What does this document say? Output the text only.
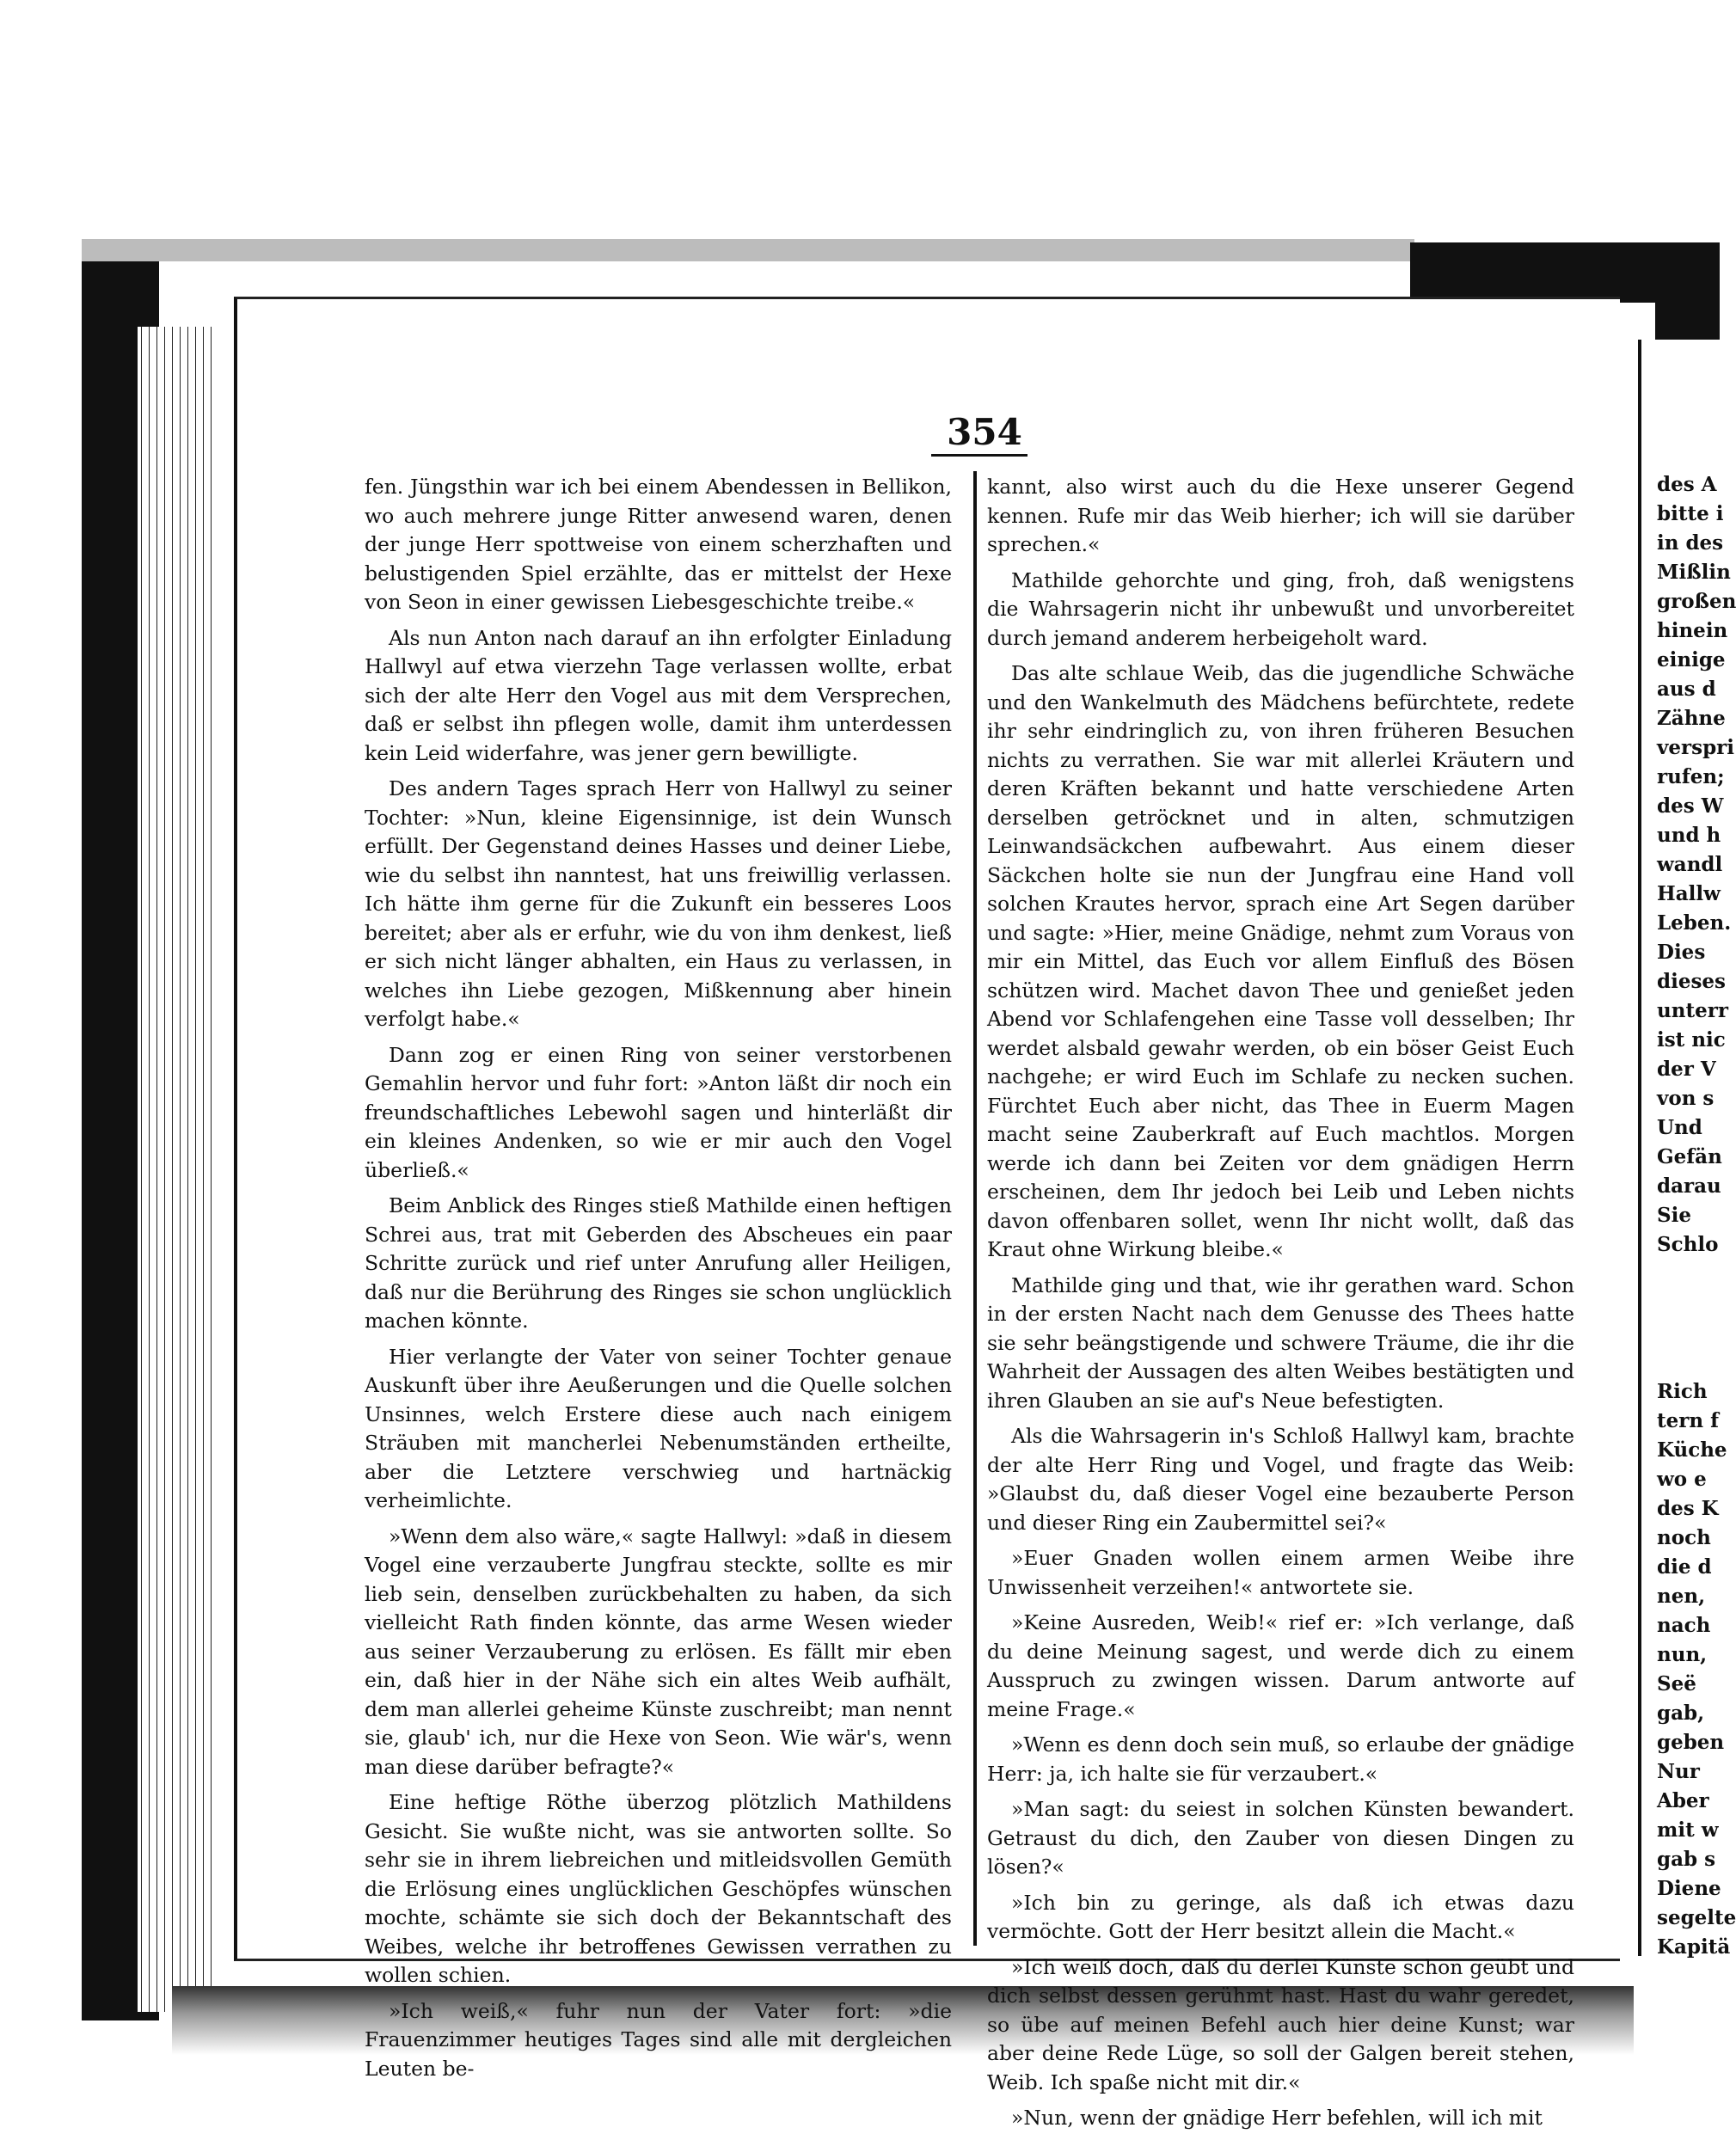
354

fen. Jüngsthin war ich bei einem Abendessen in Bellikon, wo auch mehrere junge Ritter anwesend waren, denen der junge Herr spottweise von einem scherzhaften und belustigenden Spiel erzählte, das er mittelst der Hexe von Seon in einer gewissen Liebesgeschichte treibe.«

Als nun Anton nach darauf an ihn erfolgter Einladung Hallwyl auf etwa vierzehn Tage verlassen wollte, erbat sich der alte Herr den Vogel aus mit dem Versprechen, daß er selbst ihn pflegen wolle, damit ihm unterdessen kein Leid widerfahre, was jener gern bewilligte.

Des andern Tages sprach Herr von Hallwyl zu seiner Tochter: »Nun, kleine Eigensinnige, ist dein Wunsch erfüllt. Der Gegenstand deines Hasses und deiner Liebe, wie du selbst ihn nanntest, hat uns freiwillig verlassen. Ich hätte ihm gerne für die Zukunft ein besseres Loos bereitet; aber als er erfuhr, wie du von ihm denkest, ließ er sich nicht länger abhalten, ein Haus zu verlassen, in welches ihn Liebe gezogen, Mißkennung aber hinein verfolgt habe.«

Dann zog er einen Ring von seiner verstorbenen Gemahlin hervor und fuhr fort: »Anton läßt dir noch ein freundschaftliches Lebewohl sagen und hinterläßt dir ein kleines Andenken, so wie er mir auch den Vogel überließ.«

Beim Anblick des Ringes stieß Mathilde einen heftigen Schrei aus, trat mit Geberden des Abscheues ein paar Schritte zurück und rief unter Anrufung aller Heiligen, daß nur die Berührung des Ringes sie schon unglücklich machen könnte.

Hier verlangte der Vater von seiner Tochter genaue Auskunft über ihre Aeußerungen und die Quelle solchen Unsinnes, welch Erstere diese auch nach einigem Sträuben mit mancherlei Nebenumständen ertheilte, aber die Letztere verschwieg und hartnäckig verheimlichte.

»Wenn dem also wäre,« sagte Hallwyl: »daß in diesem Vogel eine verzauberte Jungfrau steckte, sollte es mir lieb sein, denselben zurückbehalten zu haben, da sich vielleicht Rath finden könnte, das arme Wesen wieder aus seiner Verzauberung zu erlösen. Es fällt mir eben ein, daß hier in der Nähe sich ein altes Weib aufhält, dem man allerlei geheime Künste zuschreibt; man nennt sie, glaub' ich, nur die Hexe von Seon. Wie wär's, wenn man diese darüber befragte?«

Eine heftige Röthe überzog plötzlich Mathildens Gesicht. Sie wußte nicht, was sie antworten sollte. So sehr sie in ihrem liebreichen und mitleidsvollen Gemüth die Erlösung eines unglücklichen Geschöpfes wünschen mochte, schämte sie sich doch der Bekanntschaft des Weibes, welche ihr betroffenes Gewissen verrathen zu wollen schien.

»Ich weiß,« fuhr nun der Vater fort: »die Frauenzimmer heutiges Tages sind alle mit dergleichen Leuten be-

kannt, also wirst auch du die Hexe unserer Gegend kennen. Rufe mir das Weib hierher; ich will sie darüber sprechen.«

Mathilde gehorchte und ging, froh, daß wenigstens die Wahrsagerin nicht ihr unbewußt und unvorbereitet durch jemand anderem herbeigeholt ward.

Das alte schlaue Weib, das die jugendliche Schwäche und den Wankelmuth des Mädchens befürchtete, redete ihr sehr eindringlich zu, von ihren früheren Besuchen nichts zu verrathen. Sie war mit allerlei Kräutern und deren Kräften bekannt und hatte verschiedene Arten derselben getröcknet und in alten, schmutzigen Leinwandsäckchen aufbewahrt. Aus einem dieser Säckchen holte sie nun der Jungfrau eine Hand voll solchen Krautes hervor, sprach eine Art Segen darüber und sagte: »Hier, meine Gnädige, nehmt zum Voraus von mir ein Mittel, das Euch vor allem Einfluß des Bösen schützen wird. Machet davon Thee und genießet jeden Abend vor Schlafengehen eine Tasse voll desselben; Ihr werdet alsbald gewahr werden, ob ein böser Geist Euch nachgehe; er wird Euch im Schlafe zu necken suchen. Fürchtet Euch aber nicht, das Thee in Euerm Magen macht seine Zauberkraft auf Euch machtlos. Morgen werde ich dann bei Zeiten vor dem gnädigen Herrn erscheinen, dem Ihr jedoch bei Leib und Leben nichts davon offenbaren sollet, wenn Ihr nicht wollt, daß das Kraut ohne Wirkung bleibe.«

Mathilde ging und that, wie ihr gerathen ward. Schon in der ersten Nacht nach dem Genusse des Thees hatte sie sehr beängstigende und schwere Träume, die ihr die Wahrheit der Aussagen des alten Weibes bestätigten und ihren Glauben an sie auf's Neue befestigten.

Als die Wahrsagerin in's Schloß Hallwyl kam, brachte der alte Herr Ring und Vogel, und fragte das Weib: »Glaubst du, daß dieser Vogel eine bezauberte Person und dieser Ring ein Zaubermittel sei?«

»Euer Gnaden wollen einem armen Weibe ihre Unwissenheit verzeihen!« antwortete sie.

»Keine Ausreden, Weib!« rief er: »Ich verlange, daß du deine Meinung sagest, und werde dich zu einem Ausspruch zu zwingen wissen. Darum antworte auf meine Frage.«

»Wenn es denn doch sein muß, so erlaube der gnädige Herr: ja, ich halte sie für verzaubert.«

»Man sagt: du seiest in solchen Künsten bewandert. Getraust du dich, den Zauber von diesen Dingen zu lösen?«

»Ich bin zu geringe, als daß ich etwas dazu vermöchte. Gott der Herr besitzt allein die Macht.«

»Ich weiß doch, daß du derlei Künste schon geübt und dich selbst dessen gerühmt hast. Hast du wahr geredet, so übe auf meinen Befehl auch hier deine Kunst; war aber deine Rede Lüge, so soll der Galgen bereit stehen, Weib. Ich spaße nicht mit dir.«

»Nun, wenn der gnädige Herr befehlen, will ich mit

des A
bitte i
in des
Mißlin
großen
hinein
einige
aus d
Zähne
verspri
rufen;
des W
und h
wandl
Hallw
Leben.
Dies
dieses
unterr
ist nic
der V
von s
Und
Gefän
darau
Sie
Schlo
Rich
tern f
Küche
wo e
des K
noch
die d
nen,
nach
nun,
Seë
gab,
geben
Nur
Aber
mit w
gab s
Diene
segelte
Kapitä
